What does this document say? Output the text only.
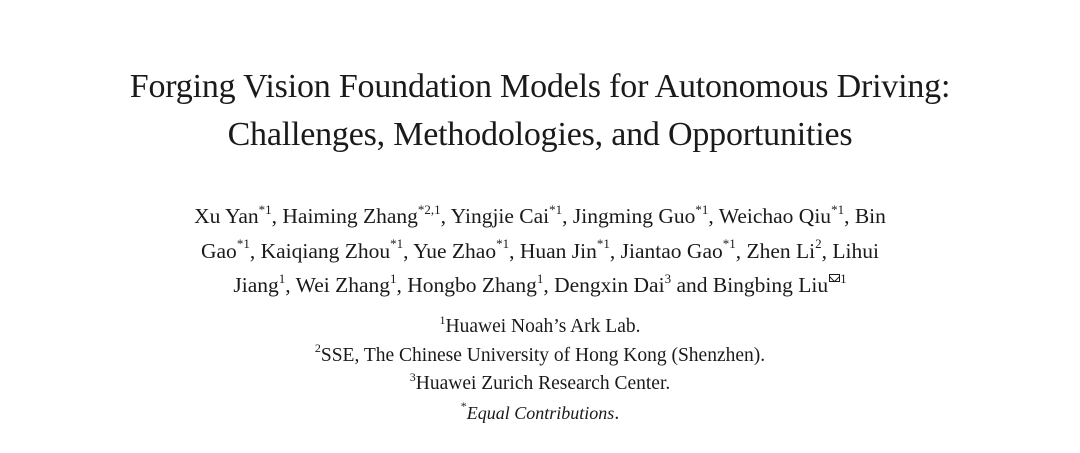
Forging Vision Foundation Models for Autonomous Driving:
Challenges, Methodologies, and Opportunities
Xu Yan$^{*1}$, Haiming Zhang$^{*2,1}$, Yingjie Cai$^{*1}$, Jingming Guo$^{*1}$, Weichao Qiu$^{*1}$, Bin
Gao$^{*1}$, Kaiqiang Zhou$^{*1}$, Yue Zhao$^{*1}$, Huan Jin$^{*1}$, Jiantao Gao$^{*1}$, Zhen Li$^2$, Lihui
Jiang$^1$, Wei Zhang$^1$, Hongbo Zhang$^1$, Dengxin Dai$^3$ and Bingbing Liu $^1$
$^1$Huawei Noah’s Ark Lab.
$^2$SSE, The Chinese University of Hong Kong (Shenzhen).
$^3$Huawei Zurich Research Center.
*Equal Contributions.
